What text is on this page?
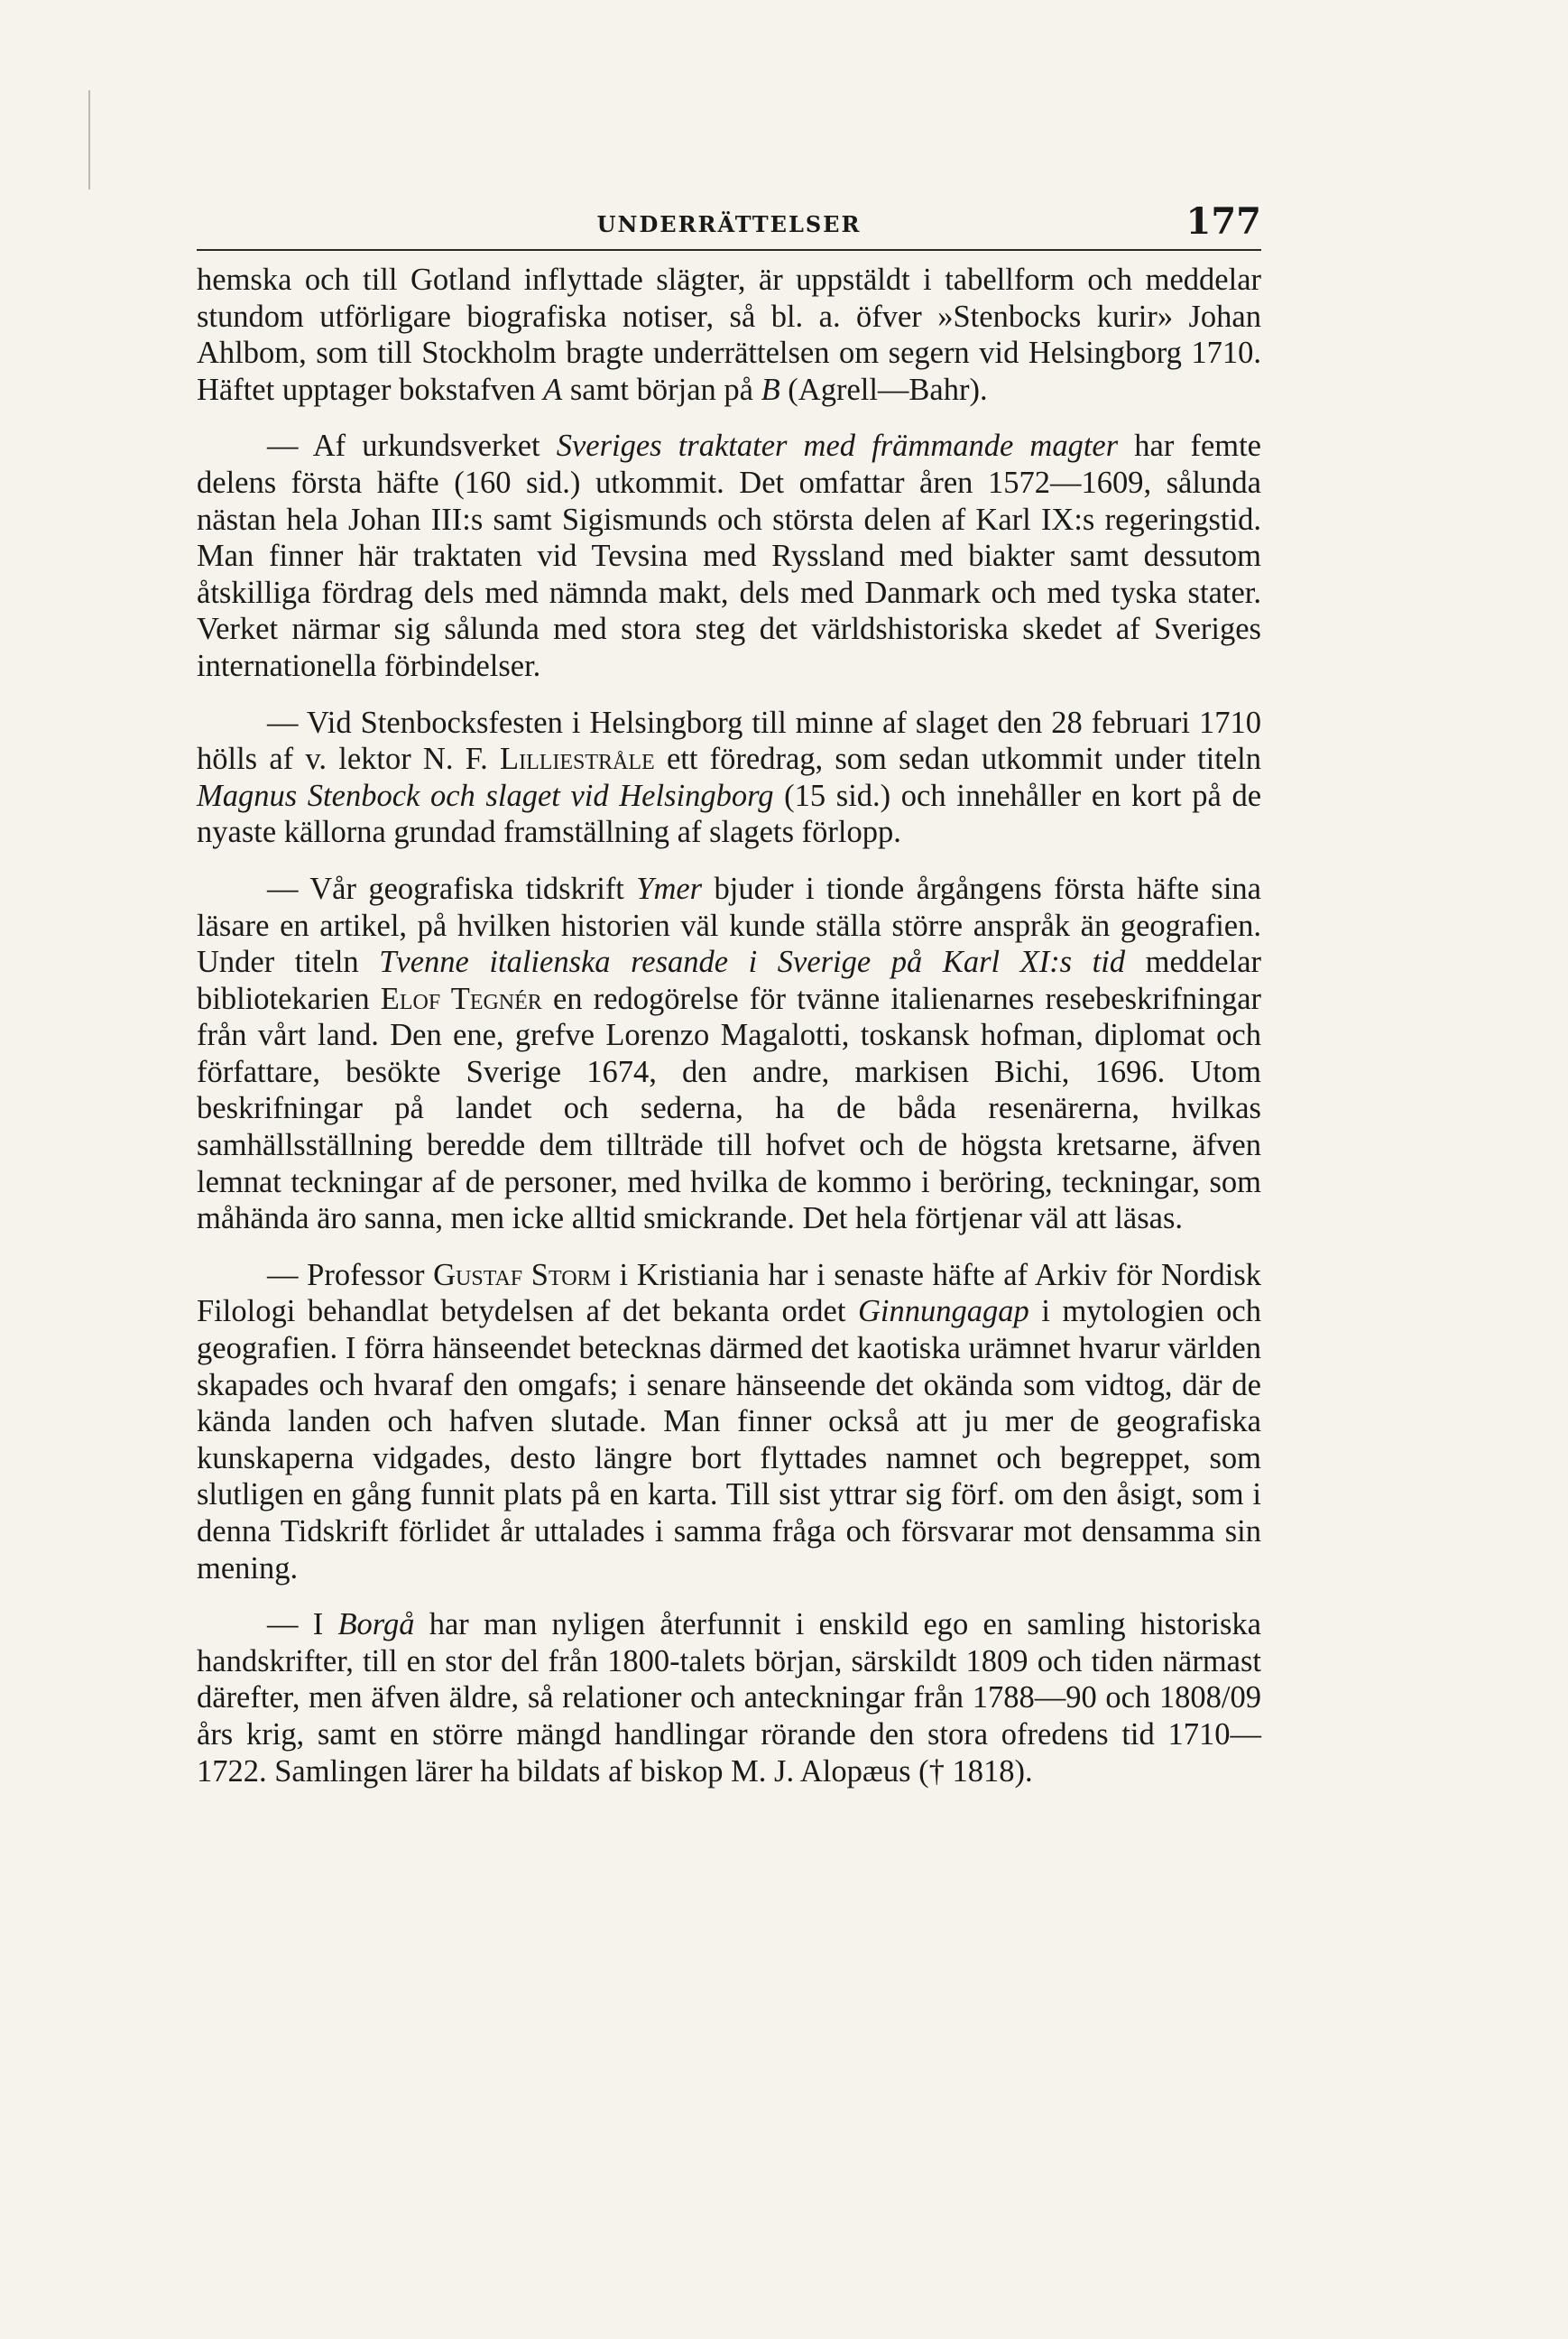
UNDERRÄTTELSER	177

hemska och till Gotland inflyttade slägter, är uppstäldt i tabellform och meddelar stundom utförligare biografiska notiser, så bl. a. öfver »Stenbocks kurir» Johan Ahlbom, som till Stockholm bragte underrättelsen om segern vid Helsingborg 1710. Häftet upptager bokstafven A samt början på B (Agrell—Bahr).

— Af urkundsverket Sveriges traktater med främmande magter har femte delens första häfte (160 sid.) utkommit. Det omfattar åren 1572—1609, sålunda nästan hela Johan III:s samt Sigismunds och största delen af Karl IX:s regeringstid. Man finner här traktaten vid Tevsina med Ryssland med biakter samt dessutom åtskilliga fördrag dels med nämnda makt, dels med Danmark och med tyska stater. Verket närmar sig sålunda med stora steg det världshistoriska skedet af Sveriges internationella förbindelser.

— Vid Stenbocksfesten i Helsingborg till minne af slaget den 28 februari 1710 hölls af v. lektor N. F. Lilliestråle ett föredrag, som sedan utkommit under titeln Magnus Stenbock och slaget vid Helsingborg (15 sid.) och innehåller en kort på de nyaste källorna grundad framställning af slagets förlopp.

— Vår geografiska tidskrift Ymer bjuder i tionde årgångens första häfte sina läsare en artikel, på hvilken historien väl kunde ställa större anspråk än geografien. Under titeln Tvenne italienska resande i Sverige på Karl XI:s tid meddelar bibliotekarien Elof Tegnér en redogörelse för tvänne italienarnes resebeskrifningar från vårt land. Den ene, grefve Lorenzo Magalotti, toskansk hofman, diplomat och författare, besökte Sverige 1674, den andre, markisen Bichi, 1696. Utom beskrifningar på landet och sederna, ha de båda resenärerna, hvilkas samhällsställning beredde dem tillträde till hofvet och de högsta kretsarne, äfven lemnat teckningar af de personer, med hvilka de kommo i beröring, teckningar, som måhända äro sanna, men icke alltid smickrande. Det hela förtjenar väl att läsas.

— Professor Gustaf Storm i Kristiania har i senaste häfte af Arkiv för Nordisk Filologi behandlat betydelsen af det bekanta ordet Ginnungagap i mytologien och geografien. I förra hänseendet betecknas därmed det kaotiska urämnet hvarur världen skapades och hvaraf den omgafs; i senare hänseende det okända som vidtog, där de kända landen och hafven slutade. Man finner också att ju mer de geografiska kunskaperna vidgades, desto längre bort flyttades namnet och begreppet, som slutligen en gång funnit plats på en karta. Till sist yttrar sig förf. om den åsigt, som i denna Tidskrift förlidet år uttalades i samma fråga och försvarar mot densamma sin mening.

— I Borgå har man nyligen återfunnit i enskild ego en samling historiska handskrifter, till en stor del från 1800-talets början, särskildt 1809 och tiden närmast därefter, men äfven äldre, så relationer och anteckningar från 1788—90 och 1808/09 års krig, samt en större mängd handlingar rörande den stora ofredens tid 1710—1722. Samlingen lärer ha bildats af biskop M. J. Alopæus († 1818).
